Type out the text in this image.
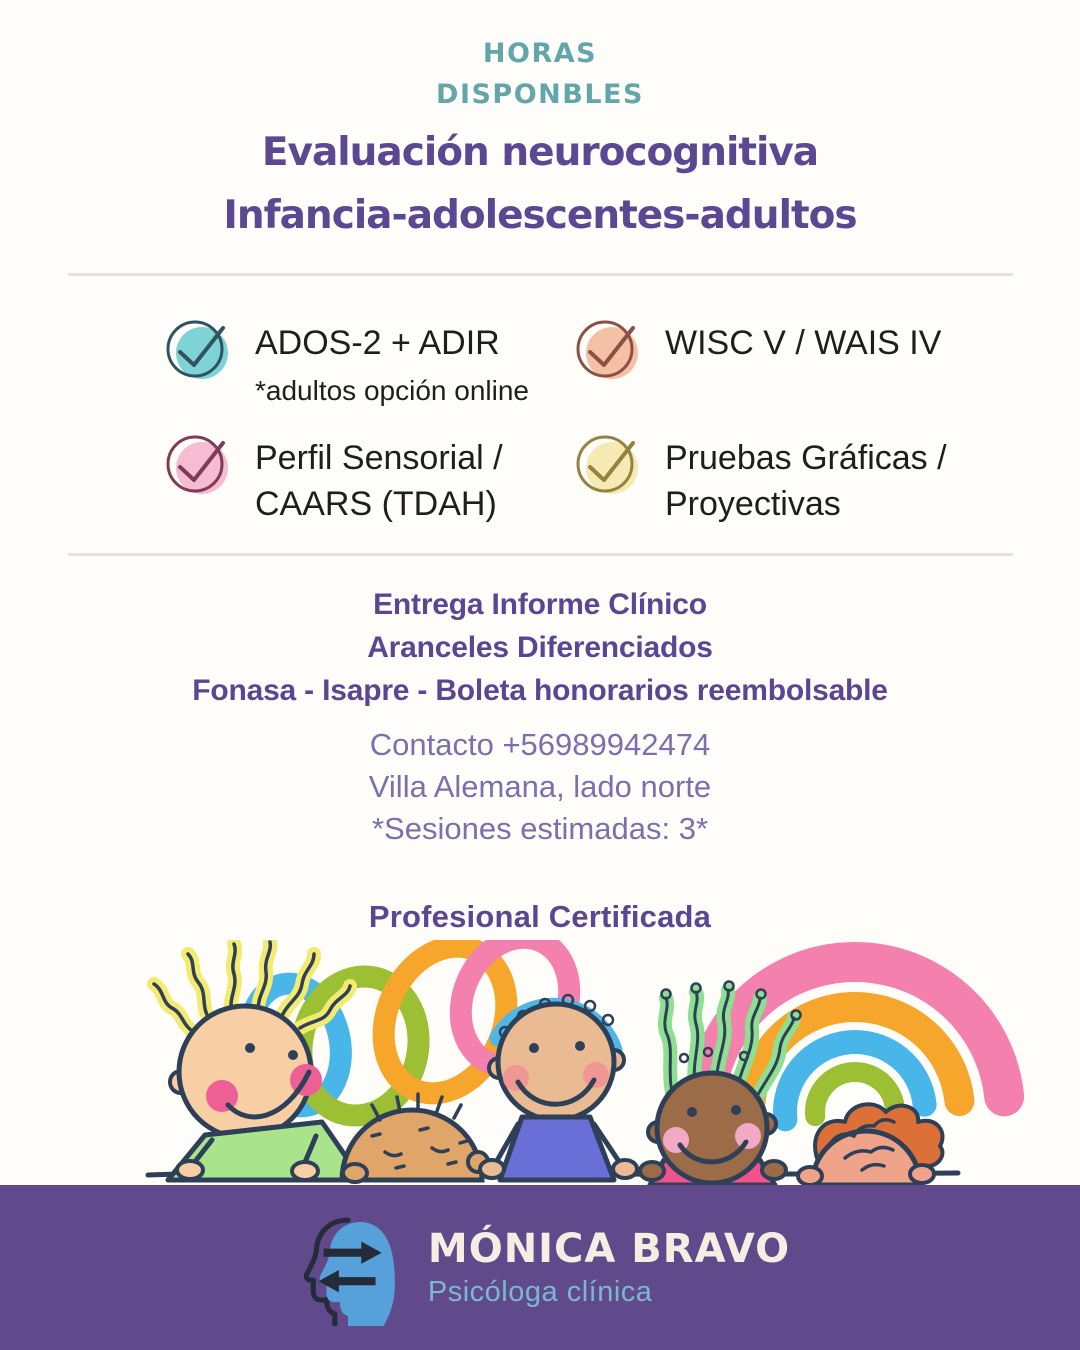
HORAS
DISPONBLES
Evaluación neurocognitiva
Infancia-adolescentes-adultos
ADOS-2 + ADIR
*adultos opción online
WISC V / WAIS IV
Perfil Sensorial /
CAARS (TDAH)
Pruebas Gráficas /
Proyectivas
Entrega Informe Clínico
Aranceles Diferenciados
Fonasa - Isapre - Boleta honorarios reembolsable
Contacto +56989942474
Villa Alemana, lado norte
*Sesiones estimadas: 3*
Profesional Certificada
MÓNICA BRAVO
Psicóloga clínica
